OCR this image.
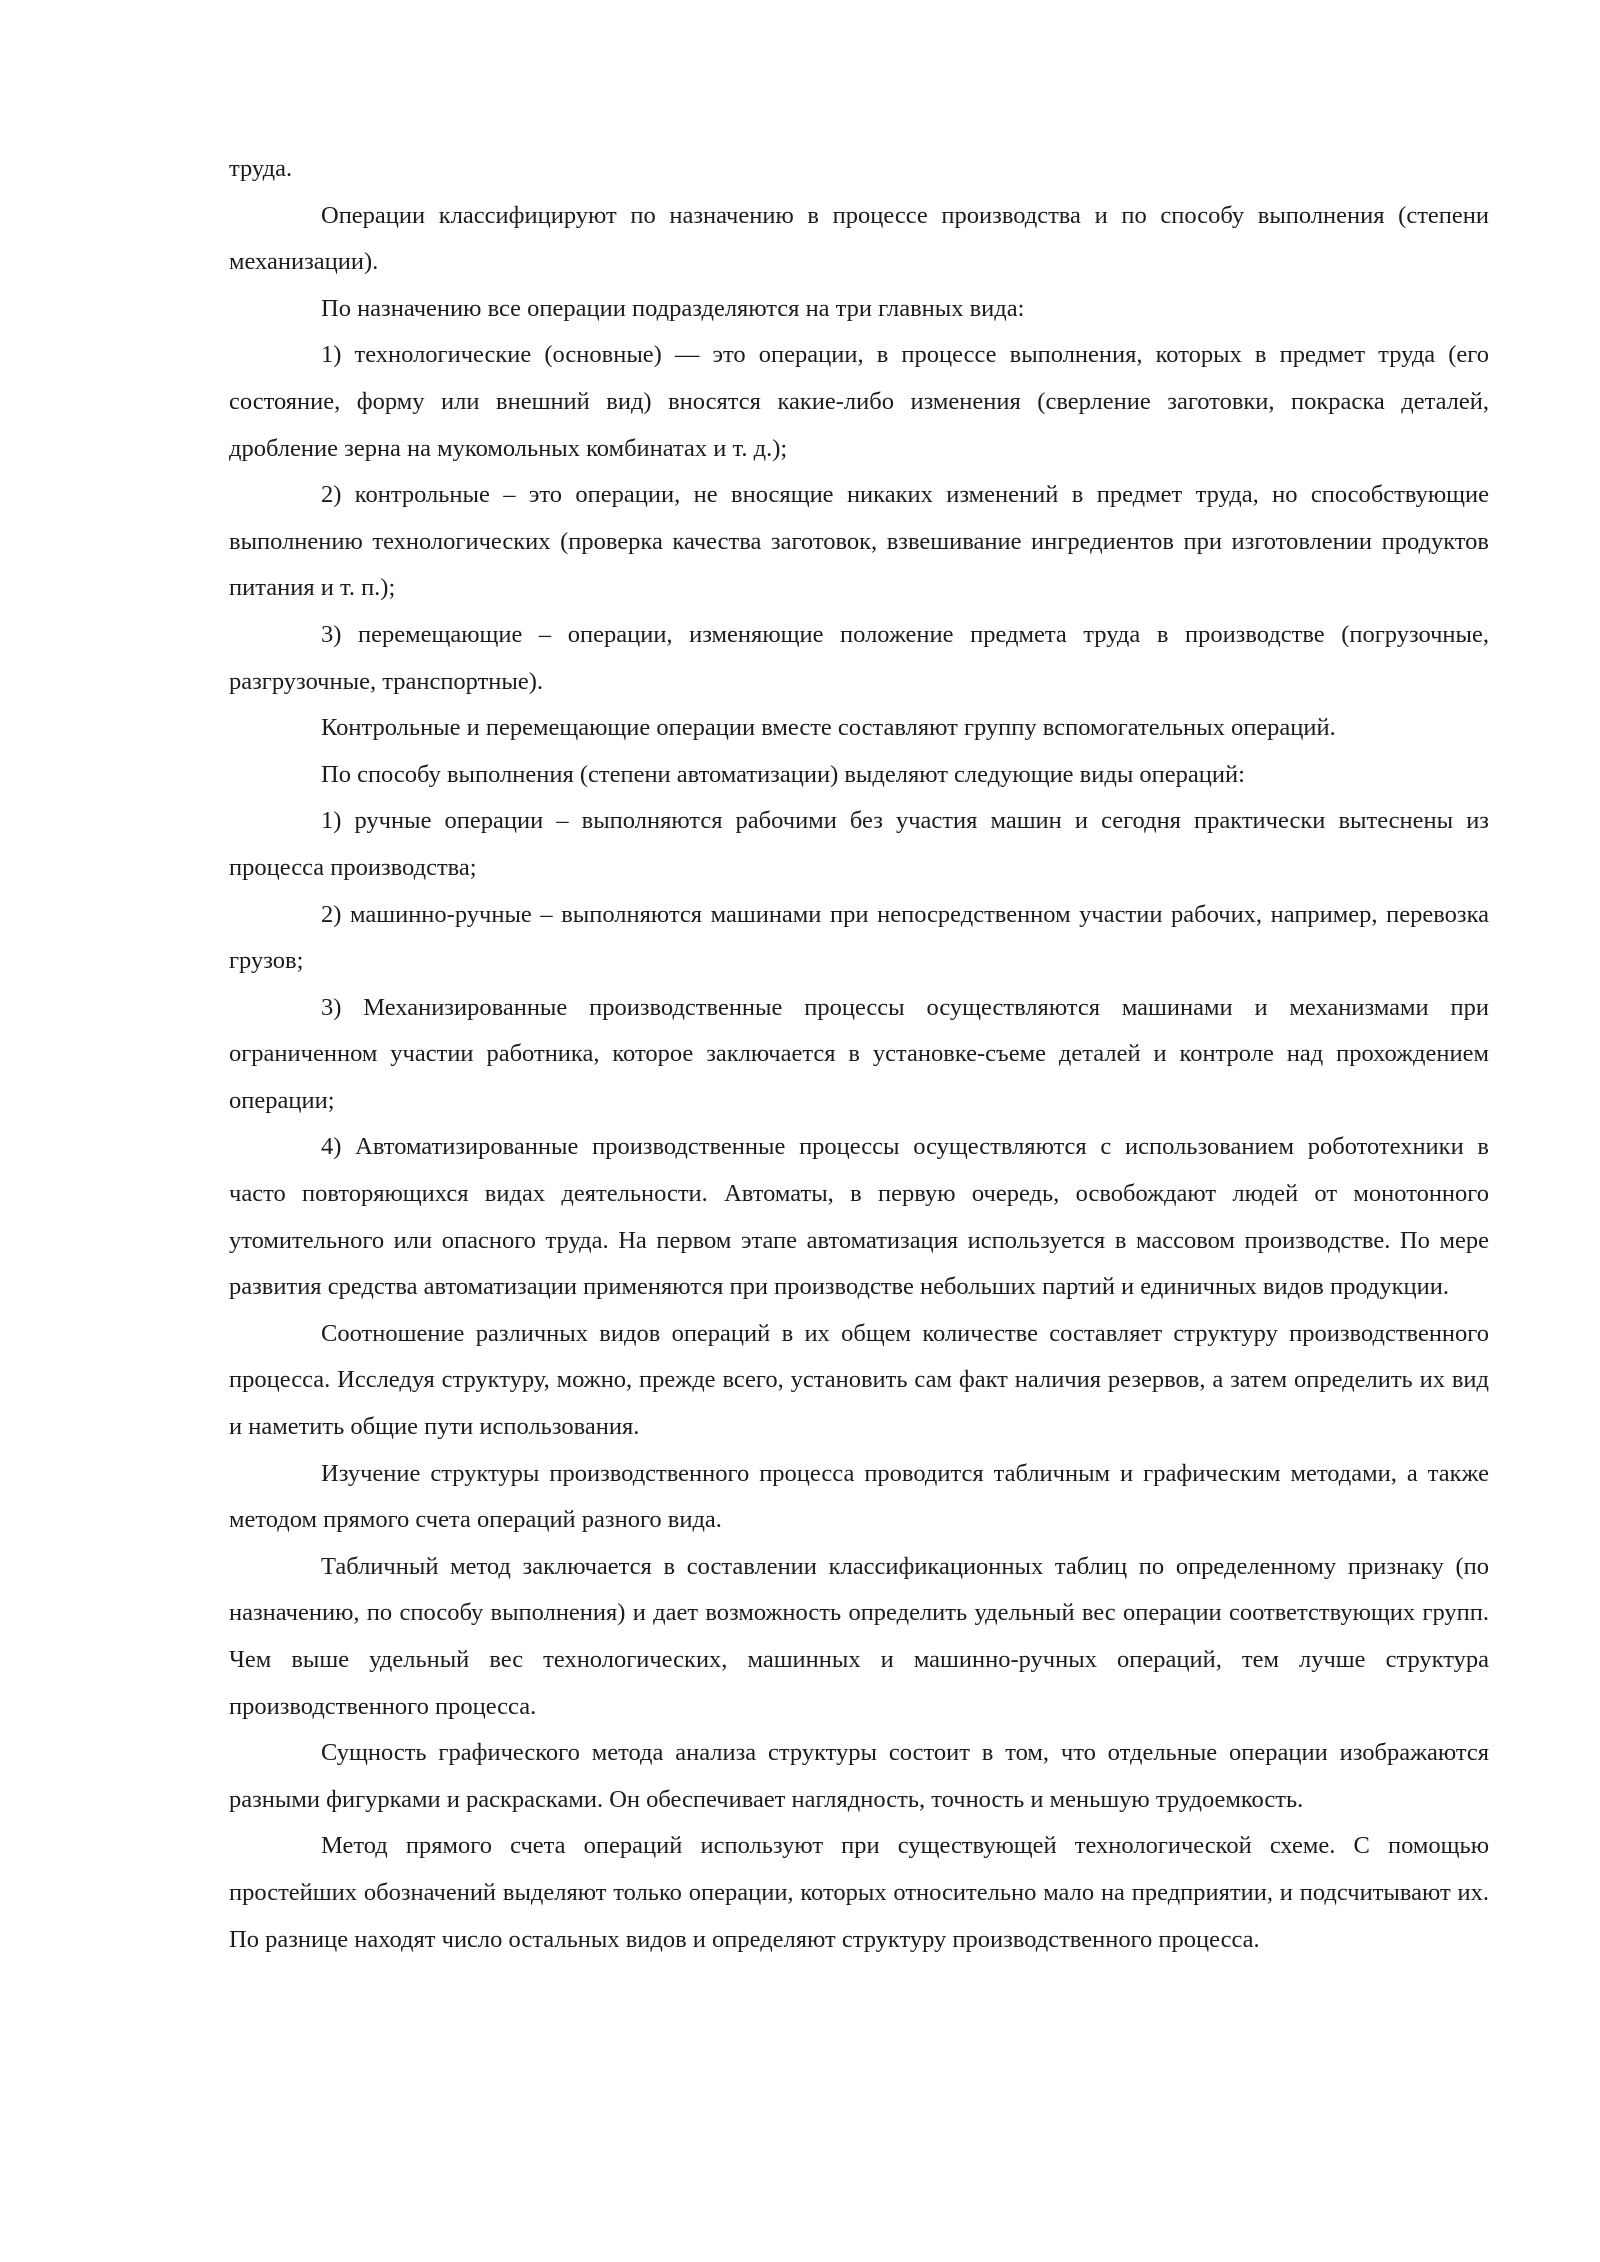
труда.

Операции классифицируют по назначению в процессе производства и по способу выполнения (степени механизации).

По назначению все операции подразделяются на три главных вида:

1) технологические (основные) — это операции, в процессе выполнения, которых в предмет труда (его состояние, форму или внешний вид) вносятся какие-либо изменения (сверление заготовки, покраска деталей, дробление зерна на мукомольных комбинатах и т. д.);

2) контрольные – это операции, не вносящие никаких изменений в предмет труда, но способствующие выполнению технологических (проверка качества заготовок, взвешивание ингредиентов при изготовлении продуктов питания и т. п.);

3) перемещающие – операции, изменяющие положение предмета труда в производстве (погрузочные, разгрузочные, транспортные).

Контрольные и перемещающие операции вместе составляют группу вспомогательных операций.

По способу выполнения (степени автоматизации) выделяют следующие виды операций:

1) ручные операции – выполняются рабочими без участия машин и сегодня практически вытеснены из процесса производства;

2) машинно-ручные – выполняются машинами при непосредственном участии рабочих, например, перевозка грузов;

3) Механизированные производственные процессы осуществляются машинами и механизмами при ограниченном участии работника, которое заключается в установке-съеме деталей и контроле над прохождением операции;

4) Автоматизированные производственные процессы осуществляются с использованием робототехники в часто повторяющихся видах деятельности. Автоматы, в первую очередь, освобождают людей от монотонного утомительного или опасного труда. На первом этапе автоматизация используется в массовом производстве. По мере развития средства автоматизации применяются при производстве небольших партий и единичных видов продукции.

Соотношение различных видов операций в их общем количестве составляет структуру производственного процесса. Исследуя структуру, можно, прежде всего, установить сам факт наличия резервов, а затем определить их вид и наметить общие пути использования.

Изучение структуры производственного процесса проводится табличным и графическим методами, а также методом прямого счета операций разного вида.

Табличный метод заключается в составлении классификационных таблиц по определенному признаку (по назначению, по способу выполнения) и дает возможность определить удельный вес операции соответствующих групп. Чем выше удельный вес технологических, машинных и машинно-ручных операций, тем лучше структура производственного процесса.

Сущность графического метода анализа структуры состоит в том, что отдельные операции изображаются разными фигурками и раскрасками. Он обеспечивает наглядность, точность и меньшую трудоемкость.

Метод прямого счета операций используют при существующей технологической схеме. С помощью простейших обозначений выделяют только операции, которых относительно мало на предприятии, и подсчитывают их. По разнице находят число остальных видов и определяют структуру производственного процесса.
